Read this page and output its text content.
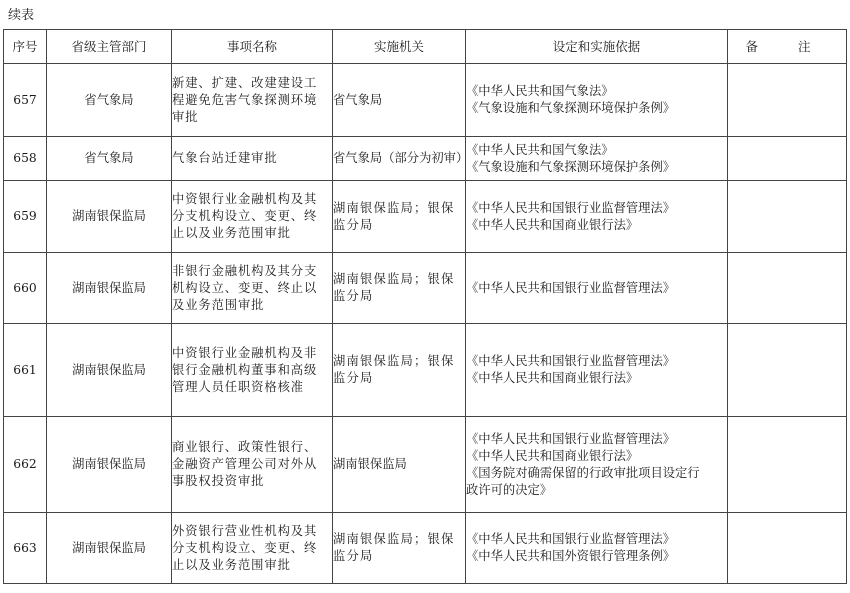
续表
序号	省级主管部门	事项名称	实施机关	设定和实施依据	备 注
657	省气象局	新建、扩建、改建建设工
程避免危害气象探测环境
审批	省气象局	《中华人民共和国气象法》
《气象设施和气象探测环境保护条例》	

658	省气象局	气象台站迁建审批	省气象局（部分为初审）	《中华人民共和国气象法》
《气象设施和气象探测环境保护条例》	

659	湖南银保监局	中资银行业金融机构及其
分支机构设立、变更、终
止以及业务范围审批	湖南银保监局；银保
监分局	《中华人民共和国银行业监督管理法》
《中华人民共和国商业银行法》	

660	湖南银保监局	非银行金融机构及其分支
机构设立、变更、终止以
及业务范围审批	湖南银保监局；银保
监分局	《中华人民共和国银行业监督管理法》	

661	湖南银保监局	中资银行业金融机构及非
银行金融机构董事和高级
管理人员任职资格核准	湖南银保监局；银保
监分局	《中华人民共和国银行业监督管理法》
《中华人民共和国商业银行法》	

662	湖南银保监局	商业银行、政策性银行、
金融资产管理公司对外从
事股权投资审批	湖南银保监局	《中华人民共和国银行业监督管理法》
《中华人民共和国商业银行法》
《国务院对确需保留的行政审批项目设定行
政许可的决定》	

663	湖南银保监局	外资银行营业性机构及其
分支机构设立、变更、终
止以及业务范围审批	湖南银保监局；银保
监分局	《中华人民共和国银行业监督管理法》
《中华人民共和国外资银行管理条例》	
